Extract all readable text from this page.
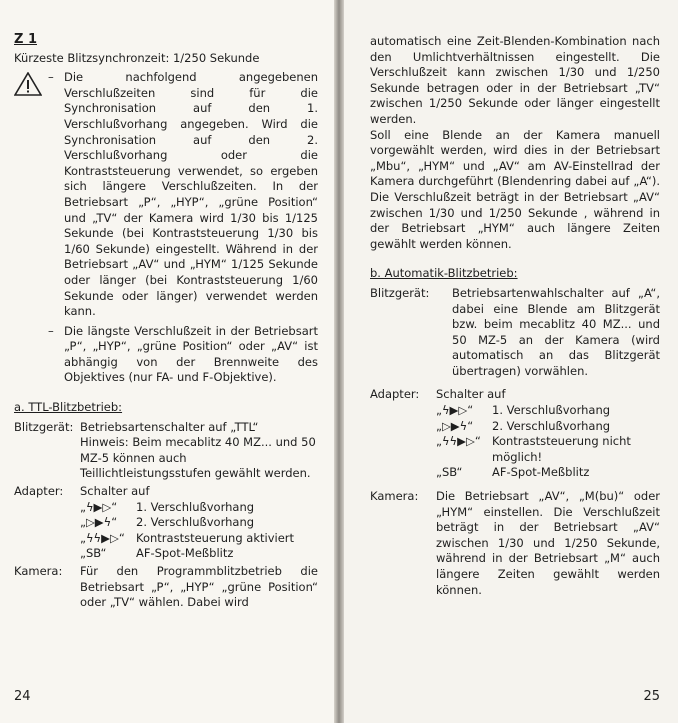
Z 1

Kürzeste Blitzsynchronzeit: 1/250 Sekunde

– Die nachfolgend angegebenen Verschlußzeiten sind für die Synchronisation auf den 1. Verschlußvorhang angegeben. Wird die Synchronisation auf den 2. Verschlußvorhang oder die Kontraststeuerung verwendet, so ergeben sich längere Verschlußzeiten. In der Betriebsart „P“, „HYP“, „grüne Position“ und „TV“ der Kamera wird 1/30 bis 1/125 Sekunde (bei Kontraststeuerung 1/30 bis 1/60 Sekunde) eingestellt. Während in der Betriebsart „AV“ und „HYM“ 1/125 Sekunde oder länger (bei Kontraststeuerung 1/60 Sekunde oder länger) verwendet werden kann.
– Die längste Verschlußzeit in der Betriebsart „P“, „HYP“, „grüne Position“ oder „AV“ ist abhängig von der Brennweite des Objektives (nur FA- und F-Objektive).

a. TTL-Blitzbetrieb:

Blitzgerät: Betriebsartenschalter auf „TTL“
Hinweis: Beim mecablitz 40 MZ... und 50 MZ-5 können auch Teillichtleistungsstufen gewählt werden.
Adapter:	Schalter auf
„ϟ▶▷“	1. Verschlußvorhang
„▷▶ϟ“	2. Verschlußvorhang
„ϟϟ▶▷“ Kontraststeuerung aktiviert
„SB“	AF-Spot-Meßblitz
Kamera:	Für den Programmblitzbetrieb die Betriebsart „P“, „HYP“ „grüne Position“ oder „TV“ wählen. Dabei wird
24

automatisch eine Zeit-Blenden-Kombination nach den Umlichtverhältnissen eingestellt. Die Verschlußzeit kann zwischen 1/30 und 1/250 Sekunde betragen oder in der Betriebsart „TV“ zwischen 1/250 Sekunde oder länger eingestellt werden.

Soll eine Blende an der Kamera manuell vorgewählt werden, wird dies in der Betriebsart „Mbu“, „HYM“ und „AV“ am AV-Einstellrad der Kamera durchgeführt (Blendenring dabei auf „A“). Die Verschlußzeit beträgt in der Betriebsart „AV“ zwischen 1/30 und 1/250 Sekunde , während in der Betriebsart „HYM“ auch längere Zeiten gewählt werden können.

b. Automatik-Blitzbetrieb:

Blitzgerät:	Betriebsartenwahlschalter auf „A“, dabei eine Blende am Blitzgerät bzw. beim mecablitz 40 MZ... und 50 MZ-5 an der Kamera (wird automatisch an das Blitzgerät übertragen) vorwählen.
Adapter:	Schalter auf
„ϟ▶▷“	1. Verschlußvorhang
„▷▶ϟ“	2. Verschlußvorhang
„ϟϟ▶▷“ Kontraststeuerung nicht möglich!
„SB“	AF-Spot-Meßblitz
Kamera:	Die Betriebsart „AV“, „M(bu)“ oder „HYM“ einstellen. Die Verschlußzeit beträgt in der Betriebsart „AV“ zwischen 1/30 und 1/250 Sekunde, während in der Betriebsart „M“ auch längere Zeiten gewählt werden können.
25
